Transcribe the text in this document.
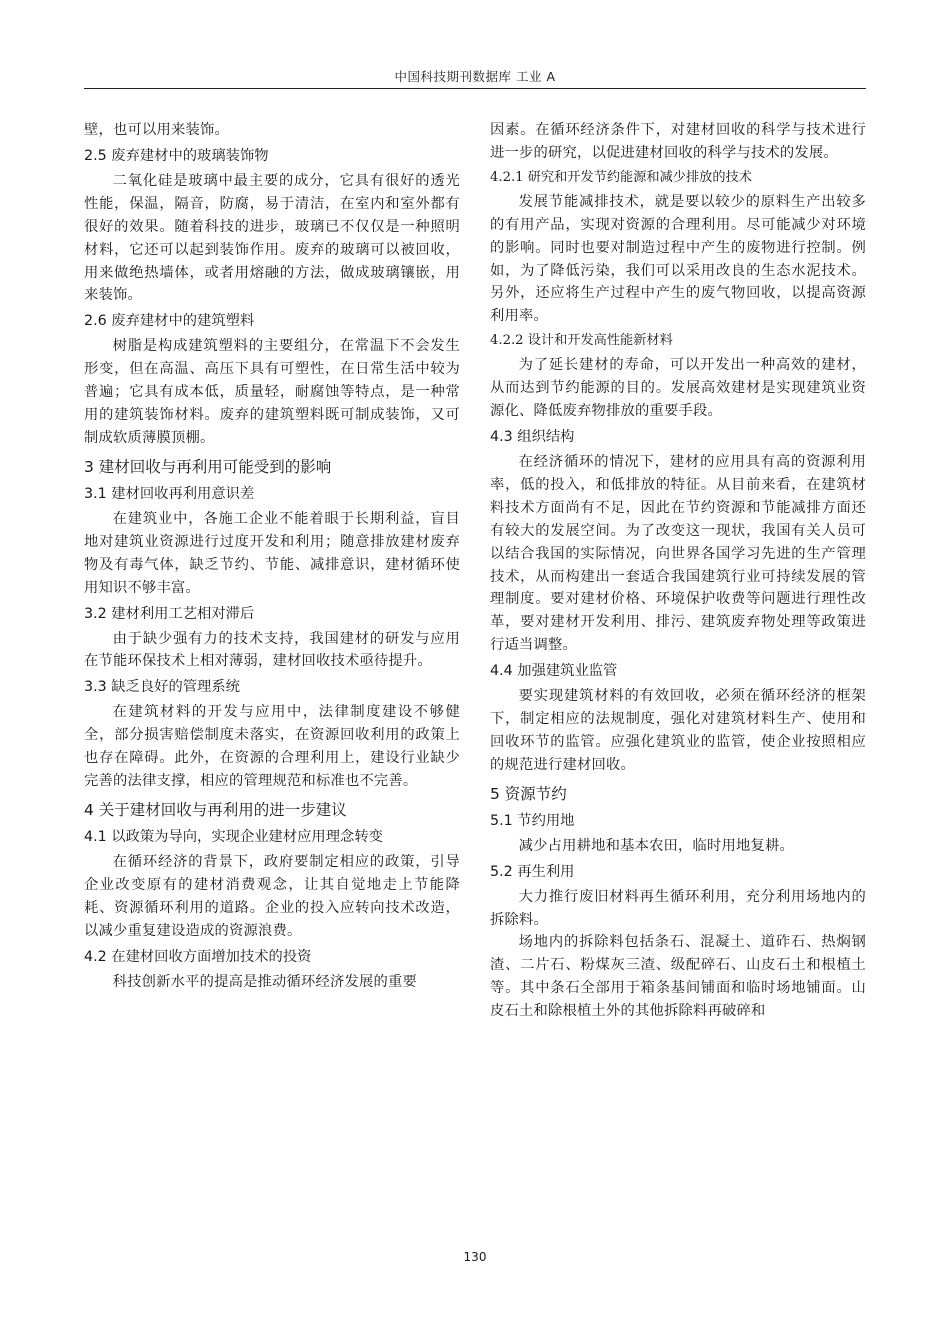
中国科技期刊数据库 工业 A

壁，也可以用来装饰。

2.5 废弃建材中的玻璃装饰物

二氧化硅是玻璃中最主要的成分，它具有很好的透光性能，保温，隔音，防腐，易于清洁，在室内和室外都有很好的效果。随着科技的进步，玻璃已不仅仅是一种照明材料，它还可以起到装饰作用。废弃的玻璃可以被回收，用来做绝热墙体，或者用熔融的方法，做成玻璃镶嵌，用来装饰。

2.6 废弃建材中的建筑塑料

树脂是构成建筑塑料的主要组分，在常温下不会发生形变，但在高温、高压下具有可塑性，在日常生活中较为普遍；它具有成本低，质量轻，耐腐蚀等特点，是一种常用的建筑装饰材料。废弃的建筑塑料既可制成装饰，又可制成软质薄膜顶棚。

3 建材回收与再利用可能受到的影响
3.1 建材回收再利用意识差

在建筑业中，各施工企业不能着眼于长期利益，盲目地对建筑业资源进行过度开发和利用；随意排放建材废弃物及有毒气体，缺乏节约、节能、减排意识，建材循环使用知识不够丰富。

3.2 建材利用工艺相对滞后

由于缺少强有力的技术支持，我国建材的研发与应用在节能环保技术上相对薄弱，建材回收技术亟待提升。

3.3 缺乏良好的管理系统

在建筑材料的开发与应用中，法律制度建设不够健全，部分损害赔偿制度未落实，在资源回收利用的政策上也存在障碍。此外，在资源的合理利用上，建设行业缺少完善的法律支撑，相应的管理规范和标准也不完善。

4 关于建材回收与再利用的进一步建议
4.1 以政策为导向，实现企业建材应用理念转变

在循环经济的背景下，政府要制定相应的政策，引导企业改变原有的建材消费观念，让其自觉地走上节能降耗、资源循环利用的道路。企业的投入应转向技术改造，以减少重复建设造成的资源浪费。

4.2 在建材回收方面增加技术的投资

科技创新水平的提高是推动循环经济发展的重要

因素。在循环经济条件下，对建材回收的科学与技术进行进一步的研究，以促进建材回收的科学与技术的发展。

4.2.1 研究和开发节约能源和减少排放的技术

发展节能减排技术，就是要以较少的原料生产出较多的有用产品，实现对资源的合理利用。尽可能减少对环境的影响。同时也要对制造过程中产生的废物进行控制。例如，为了降低污染，我们可以采用改良的生态水泥技术。另外，还应将生产过程中产生的废气物回收，以提高资源利用率。

4.2.2 设计和开发高性能新材料

为了延长建材的寿命，可以开发出一种高效的建材，从而达到节约能源的目的。发展高效建材是实现建筑业资源化、降低废弃物排放的重要手段。

4.3 组织结构

在经济循环的情况下，建材的应用具有高的资源利用率，低的投入，和低排放的特征。从目前来看，在建筑材料技术方面尚有不足，因此在节约资源和节能减排方面还有较大的发展空间。为了改变这一现状，我国有关人员可以结合我国的实际情况，向世界各国学习先进的生产管理技术，从而构建出一套适合我国建筑行业可持续发展的管理制度。要对建材价格、环境保护收费等问题进行理性改革，要对建材开发利用、排污、建筑废弃物处理等政策进行适当调整。

4.4 加强建筑业监管

要实现建筑材料的有效回收，必须在循环经济的框架下，制定相应的法规制度，强化对建筑材料生产、使用和回收环节的监管。应强化建筑业的监管，使企业按照相应的规范进行建材回收。

5 资源节约
5.1 节约用地

减少占用耕地和基本农田，临时用地复耕。

5.2 再生利用

大力推行废旧材料再生循环利用，充分利用场地内的拆除料。

场地内的拆除料包括条石、混凝土、道砟石、热焖钢渣、二片石、粉煤灰三渣、级配碎石、山皮石土和根植土等。其中条石全部用于箱条基间铺面和临时场地铺面。山皮石土和除根植土外的其他拆除料再破碎和

130
